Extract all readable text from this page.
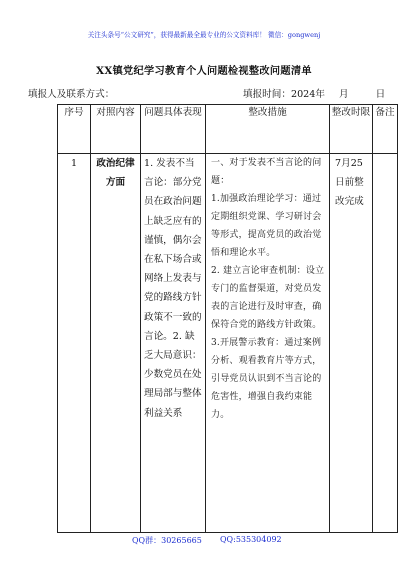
关注头条号“公文研究”，获得最新最全最专业的公文资料库！ 微信：gongwenj
XX镇党纪学习教育个人问题检视整改问题清单
填报人及联系方式：	填报时间：2024年 月	日
序号	对照内容	问题具体表现	整改措施	整改时限	备注

1	政治纪律方面	1. 发表不当言论：部分党员在政治问题上缺乏应有的谨慎，偶尔会在私下场合或网络上发表与党的路线方针政策不一致的言论。2. 缺乏大局意识：少数党员在处理局部与整体利益关系	一、对于发表不当言论的问题：
1.加强政治理论学习：通过定期组织党课、学习研讨会等形式，提高党员的政治觉悟和理论水平。
2. 建立言论审查机制：设立专门的监督渠道，对党员发表的言论进行及时审查，确保符合党的路线方针政策。
3.开展警示教育：通过案例分析、观看教育片等方式，引导党员认识到不当言论的危害性，增强自我约束能力。	7月25日前整改完成	

QQ群：30265665 QQ:535304092
